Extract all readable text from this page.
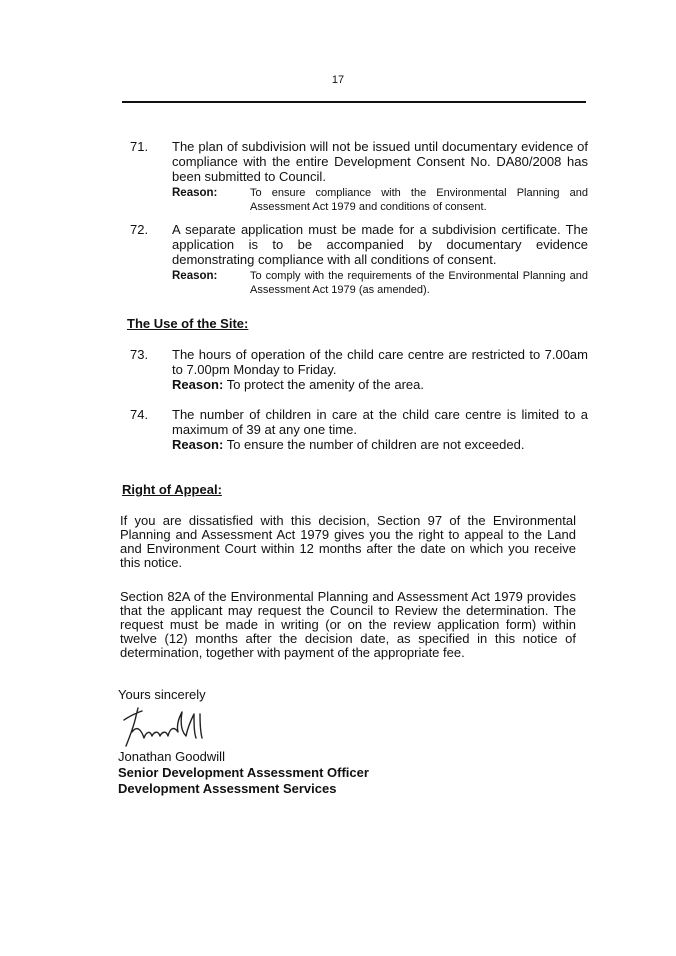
17
71. The plan of subdivision will not be issued until documentary evidence of compliance with the entire Development Consent No. DA80/2008 has been submitted to Council.
Reason:	To ensure compliance with the Environmental Planning and Assessment Act 1979 and conditions of consent.
72. A separate application must be made for a subdivision certificate. The application is to be accompanied by documentary evidence demonstrating compliance with all conditions of consent.
Reason:	To comply with the requirements of the Environmental Planning and Assessment Act 1979 (as amended).
The Use of the Site:
73. The hours of operation of the child care centre are restricted to 7.00am to 7.00pm Monday to Friday.
Reason: To protect the amenity of the area.
74. The number of children in care at the child care centre is limited to a maximum of 39 at any one time.
Reason: To ensure the number of children are not exceeded.
Right of Appeal:
If you are dissatisfied with this decision, Section 97 of the Environmental Planning and Assessment Act 1979 gives you the right to appeal to the Land and Environment Court within 12 months after the date on which you receive this notice.
Section 82A of the Environmental Planning and Assessment Act 1979 provides that the applicant may request the Council to Review the determination. The request must be made in writing (or on the review application form) within twelve (12) months after the decision date, as specified in this notice of determination, together with payment of the appropriate fee.
Yours sincerely
Jonathan Goodwill
Senior Development Assessment Officer
Development Assessment Services
